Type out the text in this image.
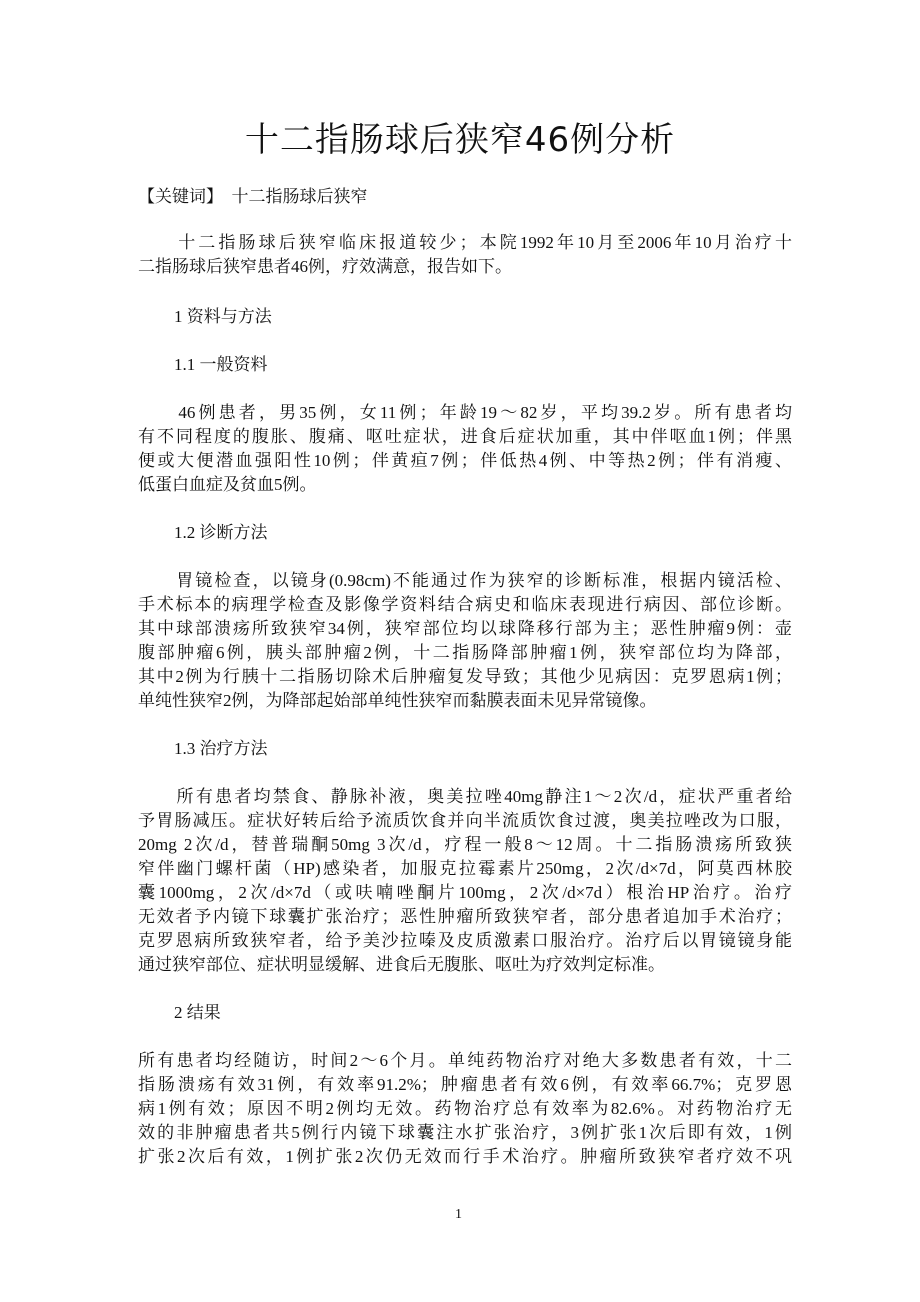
十二指肠球后狭窄46例分析
【关键词】 十二指肠球后狭窄
　　十二指肠球后狭窄临床报道较少；本院1992年10月至2006年10月治疗十
二指肠球后狭窄患者46例，疗效满意，报告如下。
1 资料与方法
1.1 一般资料
　　46例患者，男35例，女11例；年龄19～82岁，平均39.2岁。所有患者均
有不同程度的腹胀、腹痛、呕吐症状，进食后症状加重，其中伴呕血1例；伴黑
便或大便潜血强阳性10例；伴黄疸7例；伴低热4例、中等热2例；伴有消瘦、
低蛋白血症及贫血5例。
1.2 诊断方法
　　胃镜检查，以镜身(0.98cm)不能通过作为狭窄的诊断标准，根据内镜活检、
手术标本的病理学检查及影像学资料结合病史和临床表现进行病因、部位诊断。
其中球部溃疡所致狭窄34例，狭窄部位均以球降移行部为主；恶性肿瘤9例：壶
腹部肿瘤6例，胰头部肿瘤2例，十二指肠降部肿瘤1例，狭窄部位均为降部，
其中2例为行胰十二指肠切除术后肿瘤复发导致；其他少见病因：克罗恩病1例；
单纯性狭窄2例，为降部起始部单纯性狭窄而黏膜表面未见异常镜像。
1.3 治疗方法
　　所有患者均禁食、静脉补液，奥美拉唑40mg静注1～2次/d，症状严重者给
予胃肠减压。症状好转后给予流质饮食并向半流质饮食过渡，奥美拉唑改为口服，
20mg 2次/d，替普瑞酮50mg 3次/d，疗程一般8～12周。十二指肠溃疡所致狭
窄伴幽门螺杆菌（HP)感染者，加服克拉霉素片250mg，2次/d×7d，阿莫西林胶
囊1000mg，2次/d×7d（或呋喃唑酮片100mg，2次/d×7d）根治HP治疗。治疗
无效者予内镜下球囊扩张治疗；恶性肿瘤所致狭窄者，部分患者追加手术治疗；
克罗恩病所致狭窄者，给予美沙拉嗪及皮质激素口服治疗。治疗后以胃镜镜身能
通过狭窄部位、症状明显缓解、进食后无腹胀、呕吐为疗效判定标准。
2 结果
所有患者均经随访，时间2～6个月。单纯药物治疗对绝大多数患者有效，十二
指肠溃疡有效31例，有效率91.2%；肿瘤患者有效6例，有效率66.7%；克罗恩
病1例有效；原因不明2例均无效。药物治疗总有效率为82.6%。对药物治疗无
效的非肿瘤患者共5例行内镜下球囊注水扩张治疗，3例扩张1次后即有效，1例
扩张2次后有效，1例扩张2次仍无效而行手术治疗。肿瘤所致狭窄者疗效不巩
1
